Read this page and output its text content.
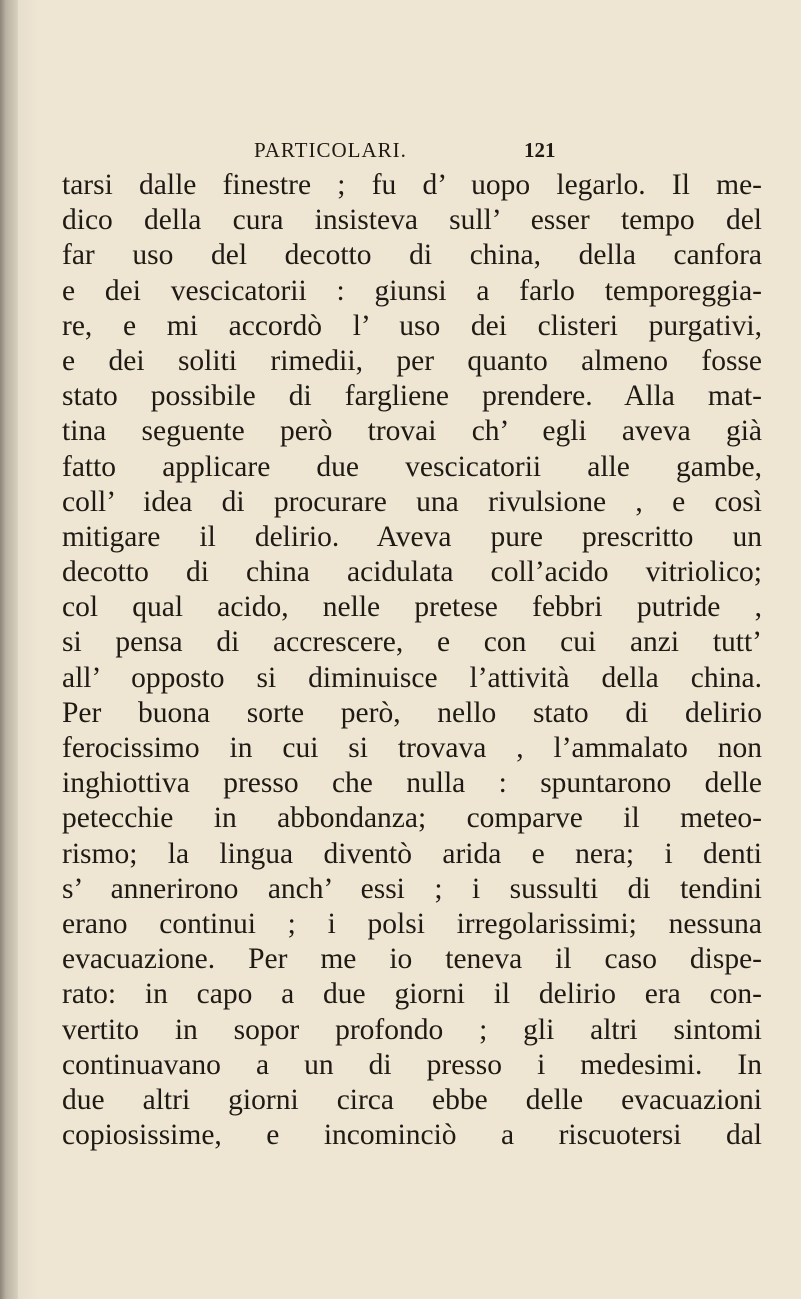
PARTICOLARI.	121
tarsi dalle finestre ; fu d’ uopo legarlo. Il me-
dico della cura insisteva sull’ esser tempo del
far uso del decotto di china, della canfora
e dei vescicatorii : giunsi a farlo temporeggia-
re, e mi accordò l’ uso dei clisteri purgativi,
e dei soliti rimedii, per quanto almeno fosse
stato possibile di fargliene prendere. Alla mat-
tina seguente però trovai ch’ egli aveva già
fatto applicare due vescicatorii alle gambe,
coll’ idea di procurare una rivulsione , e così
mitigare il delirio. Aveva pure prescritto un
decotto di china acidulata coll’acido vitriolico;
col qual acido, nelle pretese febbri putride ,
si pensa di accrescere, e con cui anzi tutt’
all’ opposto si diminuisce l’attività della china.
Per buona sorte però, nello stato di delirio
ferocissimo in cui si trovava , l’ammalato non
inghiottiva presso che nulla : spuntarono delle
petecchie in abbondanza; comparve il meteo-
rismo; la lingua diventò arida e nera; i denti
s’ annerirono anch’ essi ; i sussulti di tendini
erano continui ; i polsi irregolarissimi; nessuna
evacuazione. Per me io teneva il caso dispe-
rato: in capo a due giorni il delirio era con-
vertito in sopor profondo ; gli altri sintomi
continuavano a un di presso i medesimi. In
due altri giorni circa ebbe delle evacuazioni
copiosissime, e incominciò a riscuotersi dal
